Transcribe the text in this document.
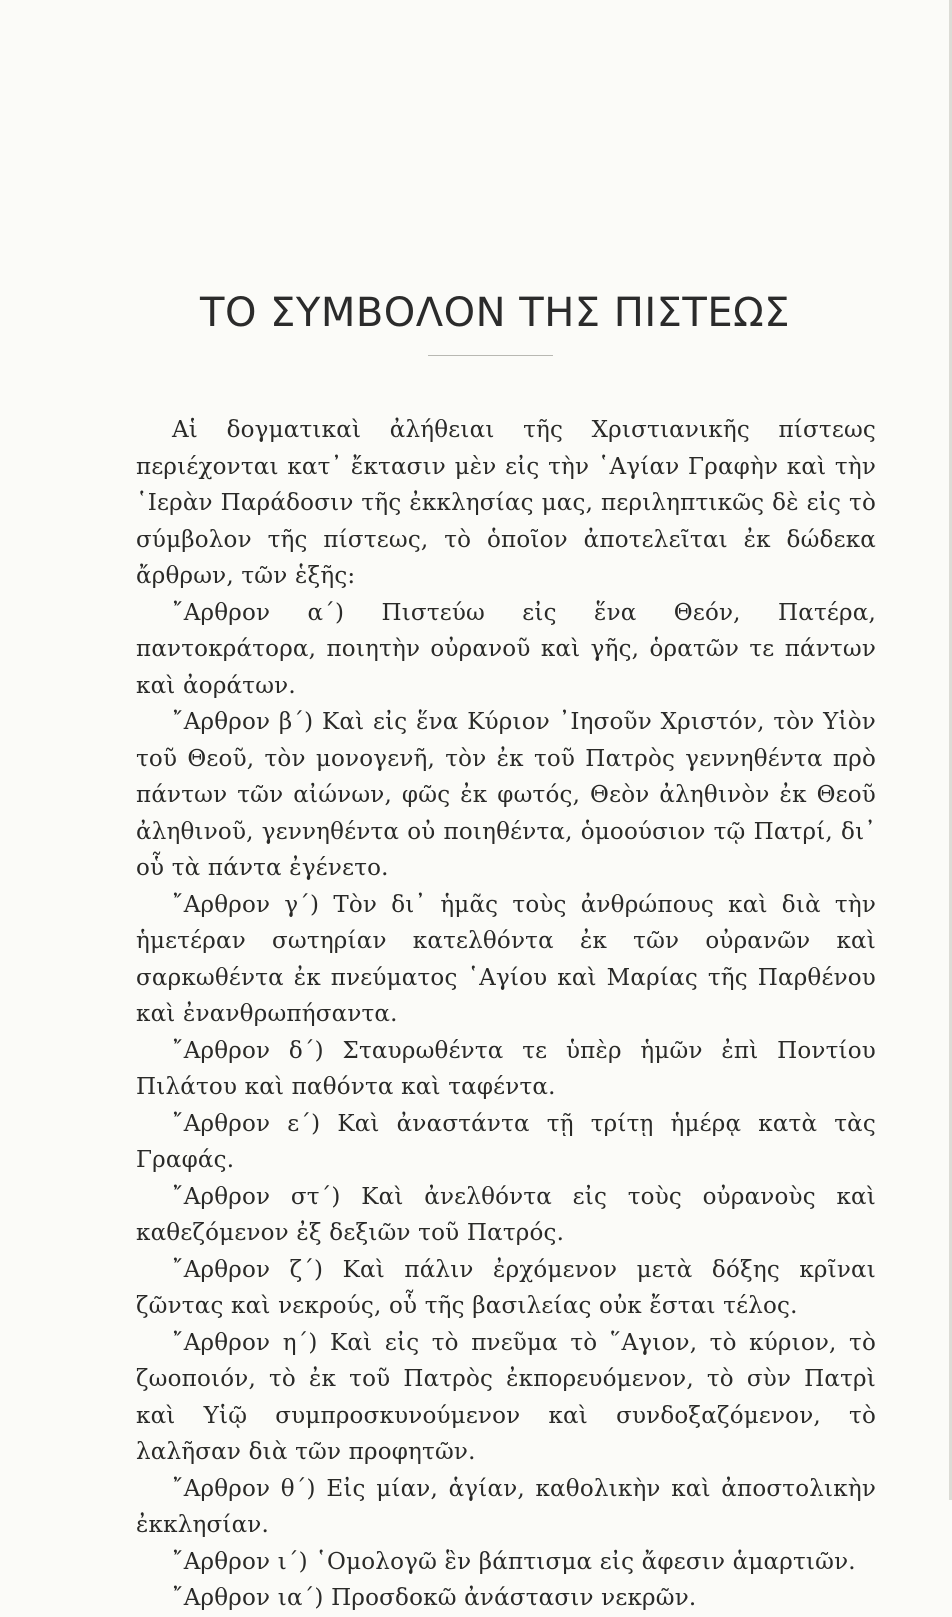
ΤΟ ΣΥΜΒΟΛΟΝ ΤΗΣ ΠΙΣΤΕΩΣ

Αἱ δογματικαὶ ἀλήθειαι τῆς Χριστιανικῆς πίστεως περιέχονται κατ᾽ ἔκτασιν μὲν εἰς τὴν ῾Αγίαν Γραφὴν καὶ τὴν ῾Ιερὰν Παράδοσιν τῆς ἐκκλησίας μας, περιληπτικῶς δὲ εἰς τὸ σύμβολον τῆς πίστεως, τὸ ὁποῖον ἀποτελεῖται ἐκ δώδεκα ἄρθρων, τῶν ἑξῆς:

῎Αρθρον α΄) Πιστεύω εἰς ἕνα Θεόν, Πατέρα, παντοκράτορα, ποιητὴν οὐρανοῦ καὶ γῆς, ὁρατῶν τε πάντων καὶ ἀοράτων.

῎Αρθρον β΄) Καὶ εἰς ἕνα Κύριον ᾽Ιησοῦν Χριστόν, τὸν Υἱὸν τοῦ Θεοῦ, τὸν μονογενῆ, τὸν ἐκ τοῦ Πατρὸς γεννηθέντα πρὸ πάντων τῶν αἰώνων, φῶς ἐκ φωτός, Θεὸν ἀληθινὸν ἐκ Θεοῦ ἀληθινοῦ, γεννηθέντα οὐ ποιηθέντα, ὁμοούσιον τῷ Πατρί, δι᾽ οὗ τὰ πάντα ἐγένετο.

῎Αρθρον γ΄) Τὸν δι᾽ ἡμᾶς τοὺς ἀνθρώπους καὶ διὰ τὴν ἡμετέραν σωτηρίαν κατελθόντα ἐκ τῶν οὐρανῶν καὶ σαρκωθέντα ἐκ πνεύματος ῾Αγίου καὶ Μαρίας τῆς Παρθένου καὶ ἐνανθρωπήσαντα.

῎Αρθρον δ΄) Σταυρωθέντα τε ὑπὲρ ἡμῶν ἐπὶ Ποντίου Πιλάτου καὶ παθόντα καὶ ταφέντα.

῎Αρθρον ε΄) Καὶ ἀναστάντα τῇ τρίτῃ ἡμέρᾳ κατὰ τὰς Γραφάς.

῎Αρθρον στ΄) Καὶ ἀνελθόντα εἰς τοὺς οὐρανοὺς καὶ καθεζόμενον ἐξ δεξιῶν τοῦ Πατρός.

῎Αρθρον ζ΄) Καὶ πάλιν ἐρχόμενον μετὰ δόξης κρῖναι ζῶντας καὶ νεκρούς, οὗ τῆς βασιλείας οὐκ ἔσται τέλος.

῎Αρθρον η΄) Καὶ εἰς τὸ πνεῦμα τὸ ῞Αγιον, τὸ κύριον, τὸ ζωοποιόν, τὸ ἐκ τοῦ Πατρὸς ἐκπορευόμενον, τὸ σὺν Πατρὶ καὶ Υἱῷ συμπροσκυνούμενον καὶ συνδοξαζόμενον, τὸ λαλῆσαν διὰ τῶν προφητῶν.

῎Αρθρον θ΄) Εἰς μίαν, ἁγίαν, καθολικὴν καὶ ἀποστολικὴν ἐκκλησίαν.

῎Αρθρον ι΄) ῾Ομολογῶ ἓν βάπτισμα εἰς ἄφεσιν ἁμαρτιῶν.

῎Αρθρον ια΄) Προσδοκῶ ἀνάστασιν νεκρῶν.
